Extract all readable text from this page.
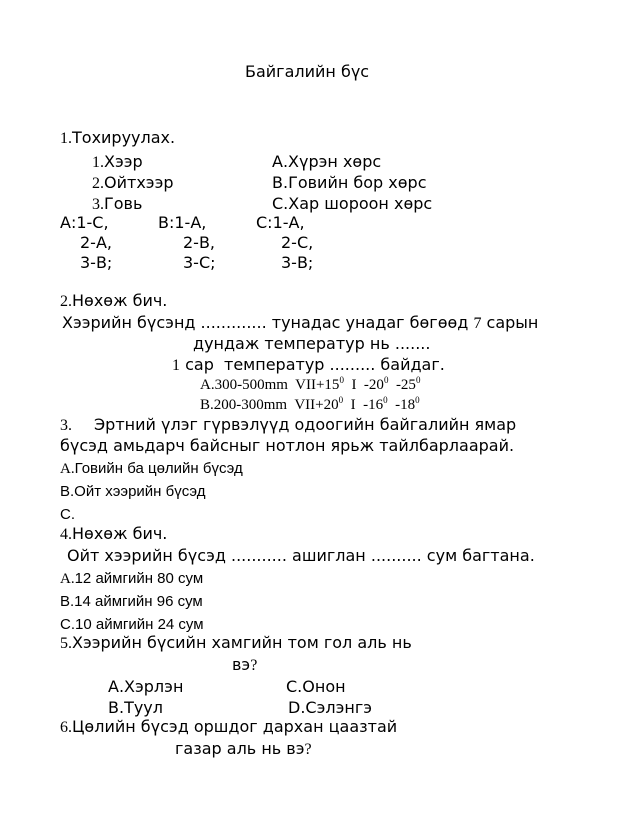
Байгалийн бүс
1.Тохируулах.
1.Хээр	А.Хүрэн хөрс
2.Ойтхээр	В.Говийн бор хөрс
3.Говь	С.Хар шороон хөрс
А:1-С,	В:1-А,	С:1-А,
2-А,	2-В,	2-С,
3-В;	3-С;	3-В;
2.Нөхөж бич.
Хээрийн бүсэнд ............. тунадас унадаг бөгөөд 7 сарын
дундаж температур нь .......
1 сар  температур ......... байдаг.
A.300-500mm  $VII+15^0$  I  $-20^0$  $-25^0$
B.200-300mm  $VII+20^0$  I  $-16^0$  $-18^0$
3. Эртний үлэг гүрвэлүүд одоогийн байгалийн ямар
бүсэд амьдарч байсныг нотлон ярьж тайлбарлаарай.
A.Говийн ба цөлийн бүсэд
B.Ойт хээрийн бүсэд
C.
4.Нөхөж бич.
Ойт хээрийн бүсэд ........... ашиглан .......... сум багтана.
A.12 аймгийн 80 сум
B.14 аймгийн 96 сум
C.10 аймгийн 24 сум
5.Хээрийн бүсийн хамгийн том гол аль нь
вэ?
А.Хэрлэн	С.Онон
В.Туул	D.Сэлэнгэ
6.Цөлийн бүсэд оршдог дархан цаазтай
газар аль нь вэ?
